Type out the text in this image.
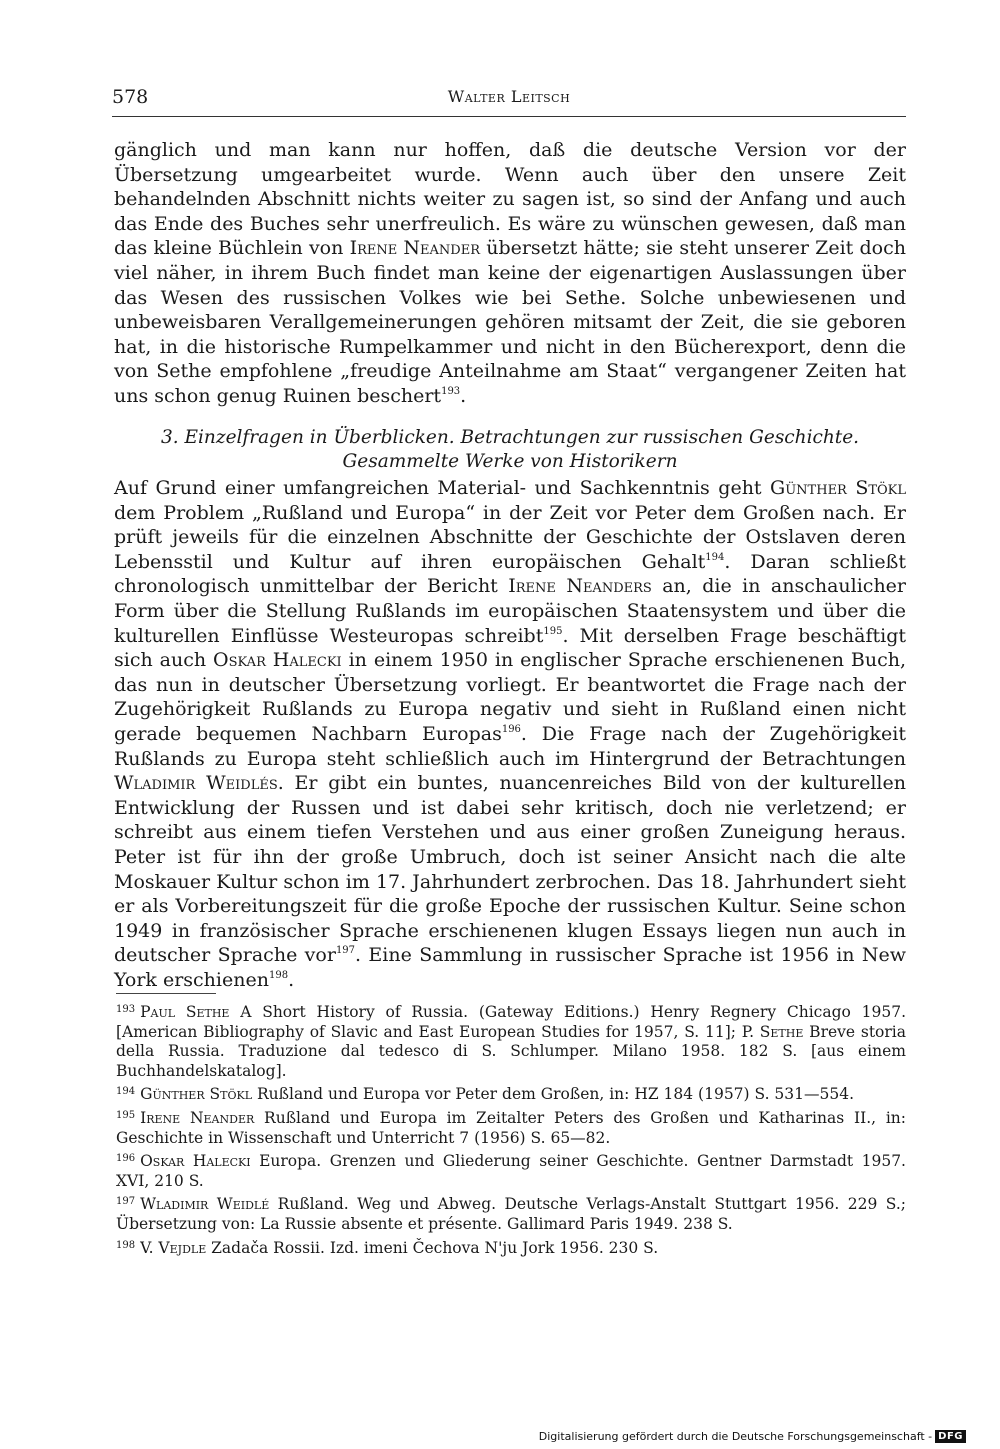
578	Walter Leitsch

gänglich und man kann nur hoffen, daß die deutsche Version vor der Übersetzung umgearbeitet wurde. Wenn auch über den unsere Zeit behandelnden Abschnitt nichts weiter zu sagen ist, so sind der Anfang und auch das Ende des Buches sehr unerfreulich. Es wäre zu wünschen gewesen, daß man das kleine Büchlein von Irene Neander übersetzt hätte; sie steht unserer Zeit doch viel näher, in ihrem Buch findet man keine der eigenartigen Auslassungen über das Wesen des russischen Volkes wie bei Sethe. Solche unbewiesenen und unbeweisbaren Verallgemeinerungen gehören mitsamt der Zeit, die sie geboren hat, in die historische Rumpelkammer und nicht in den Bücherexport, denn die von Sethe empfohlene „freudige Anteilnahme am Staat“ vergangener Zeiten hat uns schon genug Ruinen beschert$^{193}$.

3. Einzelfragen in Überblicken. Betrachtungen zur russischen Geschichte.
Gesammelte Werke von Historikern

Auf Grund einer umfangreichen Material- und Sachkenntnis geht Günther Stökl dem Problem „Rußland und Europa“ in der Zeit vor Peter dem Großen nach. Er prüft jeweils für die einzelnen Abschnitte der Geschichte der Ostslaven deren Lebensstil und Kultur auf ihren europäischen Gehalt$^{194}$. Daran schließt chronologisch unmittelbar der Bericht Irene Neanders an, die in anschaulicher Form über die Stellung Rußlands im europäischen Staatensystem und über die kulturellen Einflüsse Westeuropas schreibt$^{195}$. Mit derselben Frage beschäftigt sich auch Oskar Halecki in einem 1950 in englischer Sprache erschienenen Buch, das nun in deutscher Übersetzung vorliegt. Er beantwortet die Frage nach der Zugehörigkeit Rußlands zu Europa negativ und sieht in Rußland einen nicht gerade bequemen Nachbarn Europas$^{196}$. Die Frage nach der Zugehörigkeit Rußlands zu Europa steht schließlich auch im Hintergrund der Betrachtungen Wladimir Weidlés. Er gibt ein buntes, nuancenreiches Bild von der kulturellen Entwicklung der Russen und ist dabei sehr kritisch, doch nie verletzend; er schreibt aus einem tiefen Verstehen und aus einer großen Zuneigung heraus. Peter ist für ihn der große Umbruch, doch ist seiner Ansicht nach die alte Moskauer Kultur schon im 17. Jahrhundert zerbrochen. Das 18. Jahrhundert sieht er als Vorbereitungszeit für die große Epoche der russischen Kultur. Seine schon 1949 in französischer Sprache erschienenen klugen Essays liegen nun auch in deutscher Sprache vor$^{197}$. Eine Sammlung in russischer Sprache ist 1956 in New York erschienen$^{198}$.

$^{193}$ Paul Sethe A Short History of Russia. (Gateway Editions.) Henry Regnery Chicago 1957. [American Bibliography of Slavic and East European Studies for 1957, S. 11]; P. Sethe Breve storia della Russia. Traduzione dal tedesco di S. Schlumper. Milano 1958. 182 S. [aus einem Buchhandelskatalog].

$^{194}$ Günther Stökl Rußland und Europa vor Peter dem Großen, in: HZ 184 (1957) S. 531—554.

$^{195}$ Irene Neander Rußland und Europa im Zeitalter Peters des Großen und Katharinas II., in: Geschichte in Wissenschaft und Unterricht 7 (1956) S. 65—82.

$^{196}$ Oskar Halecki Europa. Grenzen und Gliederung seiner Geschichte. Gentner Darmstadt 1957. XVI, 210 S.

$^{197}$ Wladimir Weidlé Rußland. Weg und Abweg. Deutsche Verlags-Anstalt Stuttgart 1956. 229 S.; Übersetzung von: La Russie absente et présente. Gallimard Paris 1949. 238 S.

$^{198}$ V. Vejdle Zadača Rossii. Izd. imeni Čechova N'ju Jork 1956. 230 S.

Digitalisierung gefördert durch die Deutsche Forschungsgemeinschaft - DFG
